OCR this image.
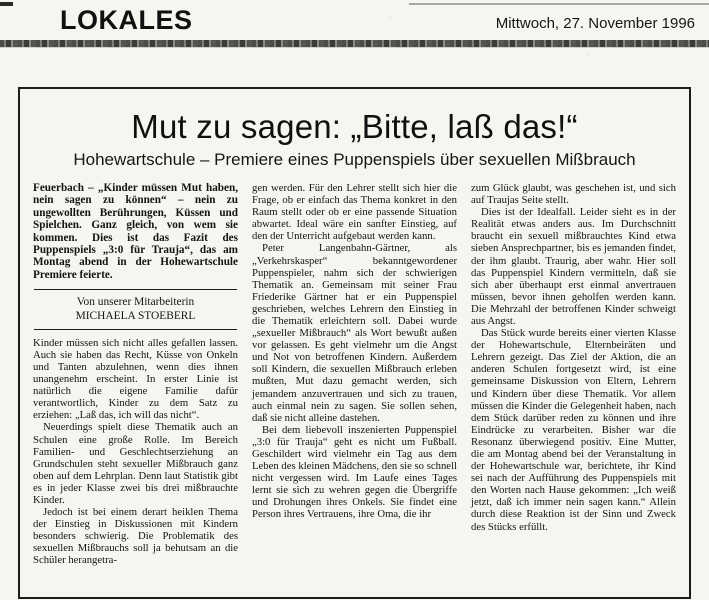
LOKALES	Mittwoch, 27. November 1996
Mut zu sagen: „Bitte, laß das!“
Hohewartschule – Premiere eines Puppenspiels über sexuellen Mißbrauch

Feuerbach – „Kinder müssen Mut haben, nein sagen zu können“ – nein zu ungewollten Berührungen, Küssen und Spielchen. Ganz gleich, von wem sie kommen. Dies ist das Fazit des Puppenspiels „3:0 für Trauja“, das am Montag abend in der Hohewartschule Premiere feierte.

Von unserer Mitarbeiterin

MICHAELA STOEBERL

Kinder müssen sich nicht alles gefallen lassen. Auch sie haben das Recht, Küsse von Onkeln und Tanten abzulehnen, wenn dies ihnen unangenehm erscheint. In erster Linie ist natürlich die eigene Familie dafür verantwortlich, Kinder zu dem Satz zu erziehen: „Laß das, ich will das nicht“.

Neuerdings spielt diese Thematik auch an Schulen eine große Rolle. Im Bereich Familien- und Geschlechtserziehung an Grundschulen steht sexueller Mißbrauch ganz oben auf dem Lehrplan. Denn laut Statistik gibt es in jeder Klasse zwei bis drei mißbrauchte Kinder.

Jedoch ist bei einem derart heiklen Thema der Einstieg in Diskussionen mit Kindern besonders schwierig. Die Problematik des sexuellen Mißbrauchs soll ja behutsam an die Schüler herangetra-

gen werden. Für den Lehrer stellt sich hier die Frage, ob er einfach das Thema konkret in den Raum stellt oder ob er eine passende Situation abwartet. Ideal wäre ein sanfter Einstieg, auf den der Unterricht aufgebaut werden kann.

Peter Langenbahn-Gärtner, als „Verkehrskasper“ bekanntgewordener Puppenspieler, nahm sich der schwierigen Thematik an. Gemeinsam mit seiner Frau Friederike Gärtner hat er ein Puppenspiel geschrieben, welches Lehrern den Einstieg in die Thematik erleichtern soll. Dabei wurde „sexueller Mißbrauch“ als Wort bewußt außen vor gelassen. Es geht vielmehr um die Angst und Not von betroffenen Kindern. Außerdem soll Kindern, die sexuellen Mißbrauch erleben mußten, Mut dazu gemacht werden, sich jemandem anzuvertrauen und sich zu trauen, auch einmal nein zu sagen. Sie sollen sehen, daß sie nicht alleine dastehen.

Bei dem liebevoll inszenierten Puppenspiel „3:0 für Trauja“ geht es nicht um Fußball. Geschildert wird vielmehr ein Tag aus dem Leben des kleinen Mädchens, den sie so schnell nicht vergessen wird. Im Laufe eines Tages lernt sie sich zu wehren gegen die Übergriffe und Drohungen ihres Onkels. Sie findet eine Person ihres Vertrauens, ihre Oma, die ihr

zum Glück glaubt, was geschehen ist, und sich auf Traujas Seite stellt.

Dies ist der Idealfall. Leider sieht es in der Realität etwas anders aus. Im Durchschnitt braucht ein sexuell mißbrauchtes Kind etwa sieben Ansprechpartner, bis es jemanden findet, der ihm glaubt. Traurig, aber wahr. Hier soll das Puppenspiel Kindern vermitteln, daß sie sich aber überhaupt erst einmal anvertrauen müssen, bevor ihnen geholfen werden kann. Die Mehrzahl der betroffenen Kinder schweigt aus Angst.

Das Stück wurde bereits einer vierten Klasse der Hohewartschule, Elternbeiräten und Lehrern gezeigt. Das Ziel der Aktion, die an anderen Schulen fortgesetzt wird, ist eine gemeinsame Diskussion von Eltern, Lehrern und Kindern über diese Thematik. Vor allem müssen die Kinder die Gelegenheit haben, nach dem Stück darüber reden zu können und ihre Eindrücke zu verarbeiten. Bisher war die Resonanz überwiegend positiv. Eine Mutter, die am Montag abend bei der Veranstaltung in der Hohewartschule war, berichtete, ihr Kind sei nach der Aufführung des Puppenspiels mit den Worten nach Hause gekommen: „Ich weiß jetzt, daß ich immer nein sagen kann.“ Allein durch diese Reaktion ist der Sinn und Zweck des Stücks erfüllt.
